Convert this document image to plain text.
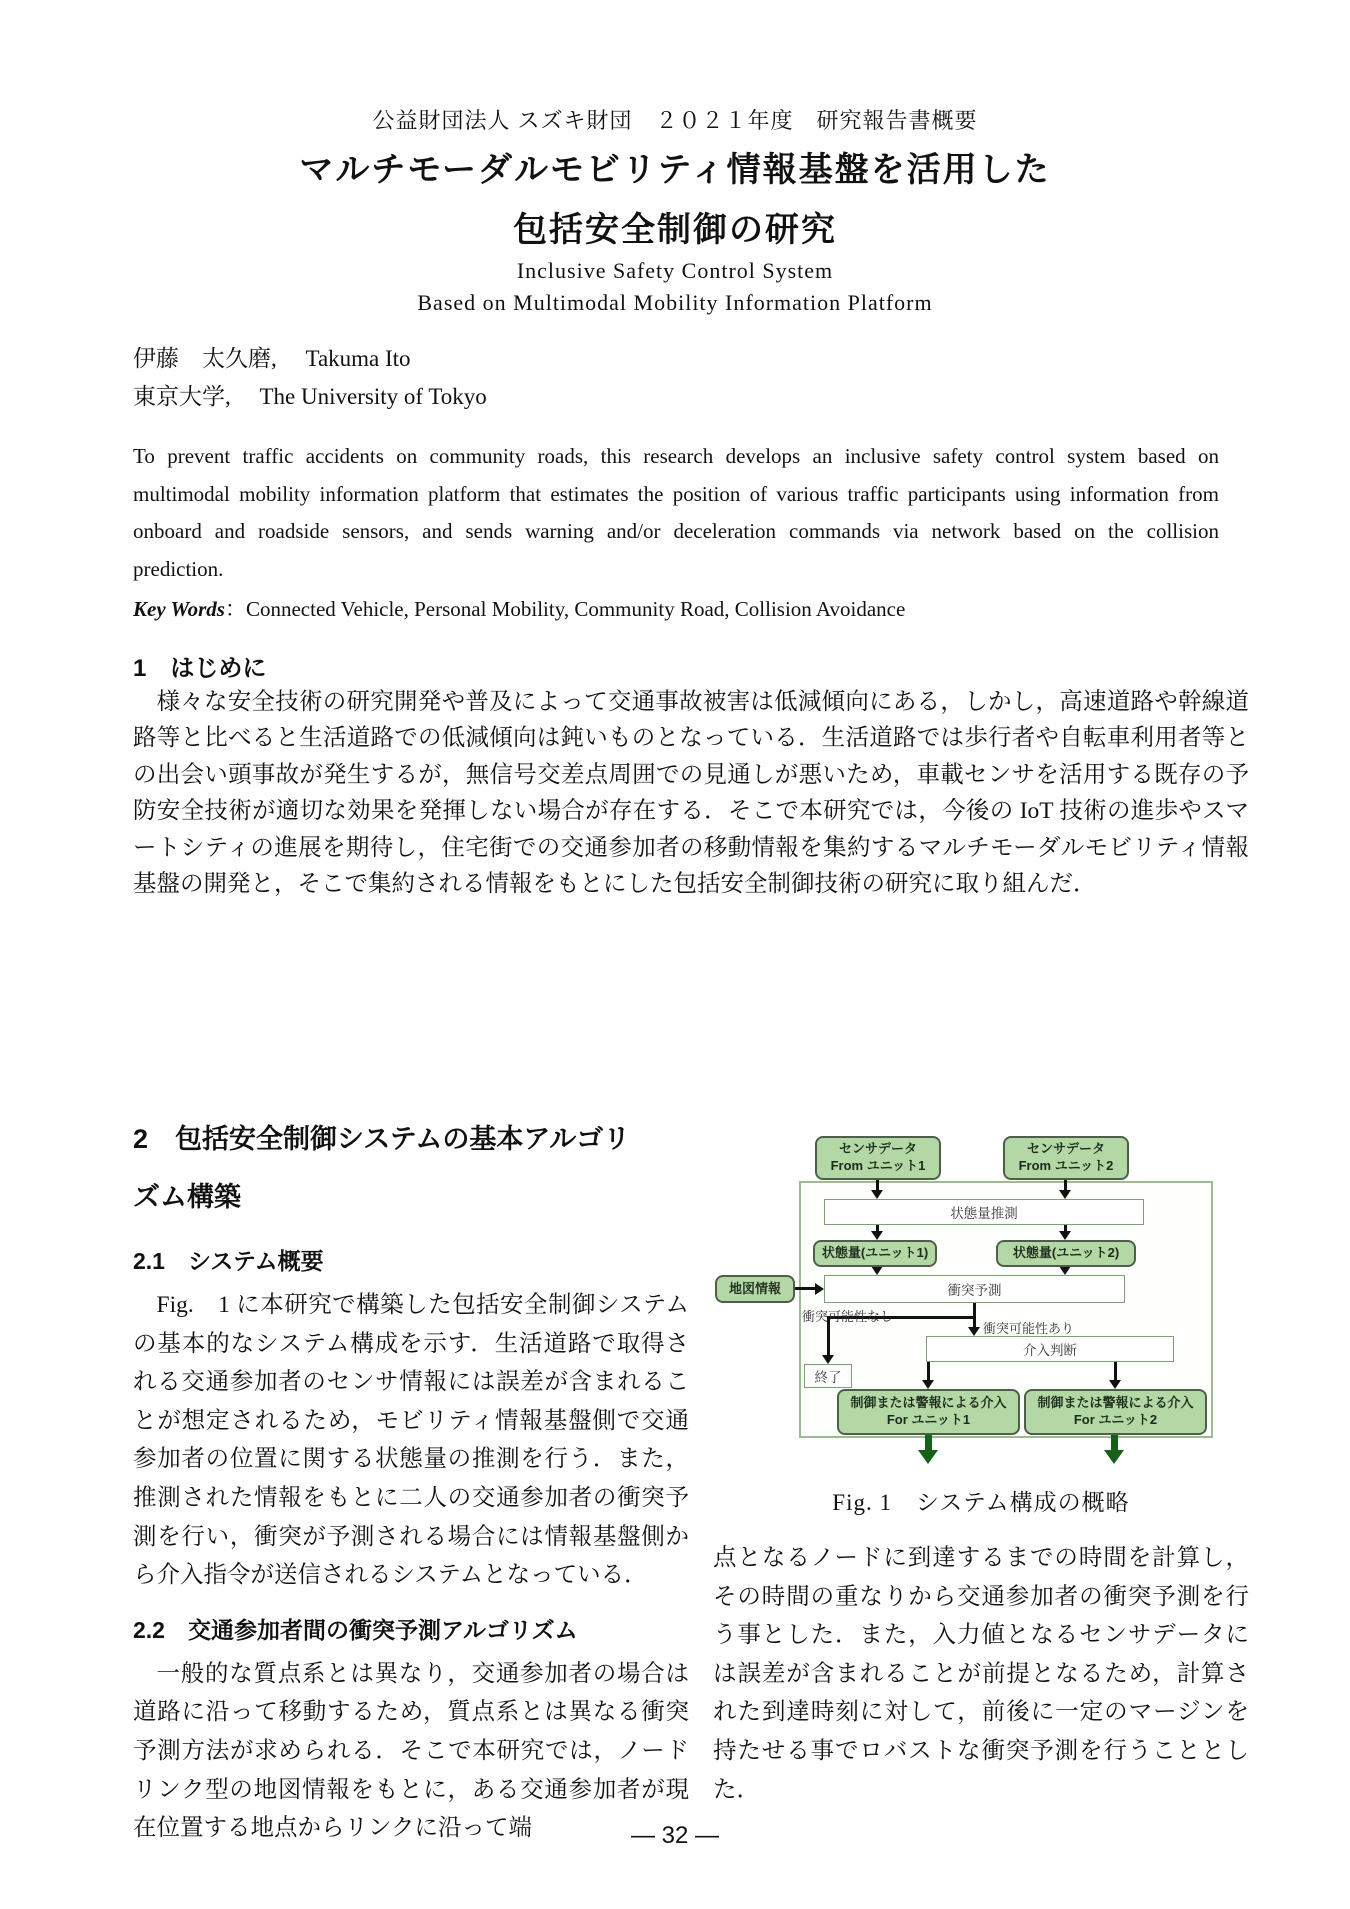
公益財団法人 スズキ財団　２０２１年度　研究報告書概要
マルチモーダルモビリティ情報基盤を活用した
包括安全制御の研究
Inclusive Safety Control System
Based on Multimodal Mobility Information Platform
伊藤　太久磨,　 Takuma Ito
東京大学,　 The University of Tokyo
To prevent traffic accidents on community roads, this research develops an inclusive safety control system based on multimodal mobility information platform that estimates the position of various traffic participants using information from onboard and roadside sensors, and sends warning and/or deceleration commands via network based on the collision prediction.
Key Words：Connected Vehicle, Personal Mobility, Community Road, Collision Avoidance
1　はじめに
様々な安全技術の研究開発や普及によって交通事故被害は低減傾向にある，しかし，高速道路や幹線道路等と比べると生活道路での低減傾向は鈍いものとなっている．生活道路では歩行者や自転車利用者等との出会い頭事故が発生するが，無信号交差点周囲での見通しが悪いため，車載センサを活用する既存の予防安全技術が適切な効果を発揮しない場合が存在する．そこで本研究では，今後の IoT 技術の進歩やスマートシティの進展を期待し，住宅街での交通参加者の移動情報を集約するマルチモーダルモビリティ情報基盤の開発と，そこで集約される情報をもとにした包括安全制御技術の研究に取り組んだ．
2　包括安全制御システムの基本アルゴリズム構築
2.1　システム概要
Fig.　1 に本研究で構築した包括安全制御システムの基本的なシステム構成を示す．生活道路で取得される交通参加者のセンサ情報には誤差が含まれることが想定されるため，モビリティ情報基盤側で交通参加者の位置に関する状態量の推測を行う．また，推測された情報をもとに二人の交通参加者の衝突予測を行い，衝突が予測される場合には情報基盤側から介入指令が送信されるシステムとなっている．
2.2　交通参加者間の衝突予測アルゴリズム
一般的な質点系とは異なり，交通参加者の場合は道路に沿って移動するため，質点系とは異なる衝突予測方法が求められる．そこで本研究では，ノードリンク型の地図情報をもとに，ある交通参加者が現在位置する地点からリンクに沿って端
センサデータ
From ユニット1
センサデータ
From ユニット2
状態量推測
状態量(ユニット1)	状態量(ユニット2)
地図情報	衝突予測
衝突可能性なし
衝突可能性あり
介入判断
終了
制御または警報による介入
For ユニット1
制御または警報による介入
For ユニット2
Fig. 1　システム構成の概略
点となるノードに到達するまでの時間を計算し，その時間の重なりから交通参加者の衝突予測を行う事とした．また，入力値となるセンサデータには誤差が含まれることが前提となるため，計算された到達時刻に対して，前後に一定のマージンを持たせる事でロバストな衝突予測を行うこととした．
— 32 —
